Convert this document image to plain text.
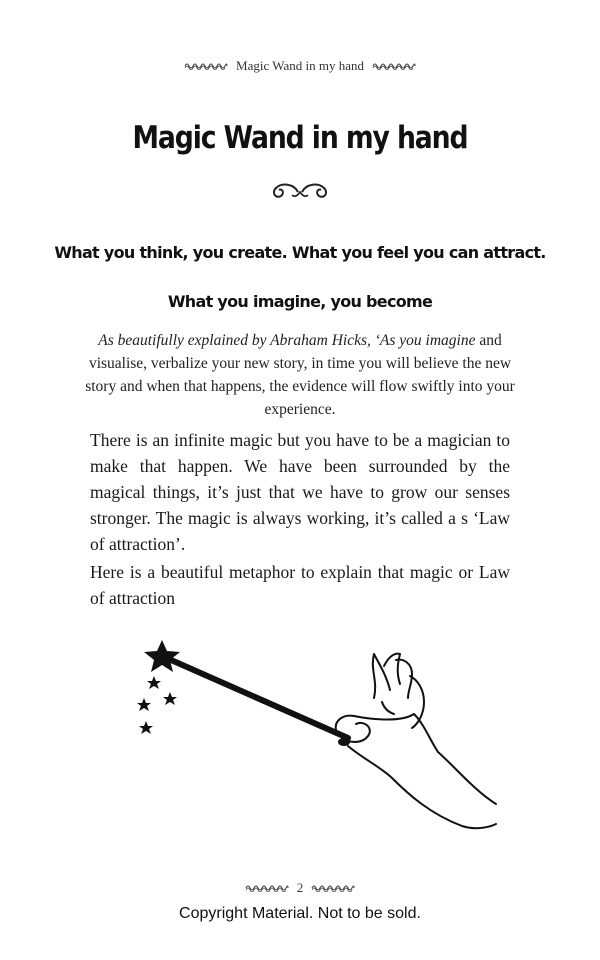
Magic Wand in my hand
Magic Wand in my hand
What you think, you create. What you feel you can attract.
What you imagine, you become
As beautifully explained by Abraham Hicks, ‘As you imagine and visualise, verbalize your new story, in time you will believe the new story and when that happens, the evidence will flow swiftly into your experience.
There is an infinite magic but you have to be a magician to make that happen. We have been surrounded by the magical things, it’s just that we have to grow our senses stronger. The magic is always working, it’s called a s ‘Law of attraction’.
Here is a beautiful metaphor to explain that magic or Law of attraction
2
Copyright Material. Not to be sold.
